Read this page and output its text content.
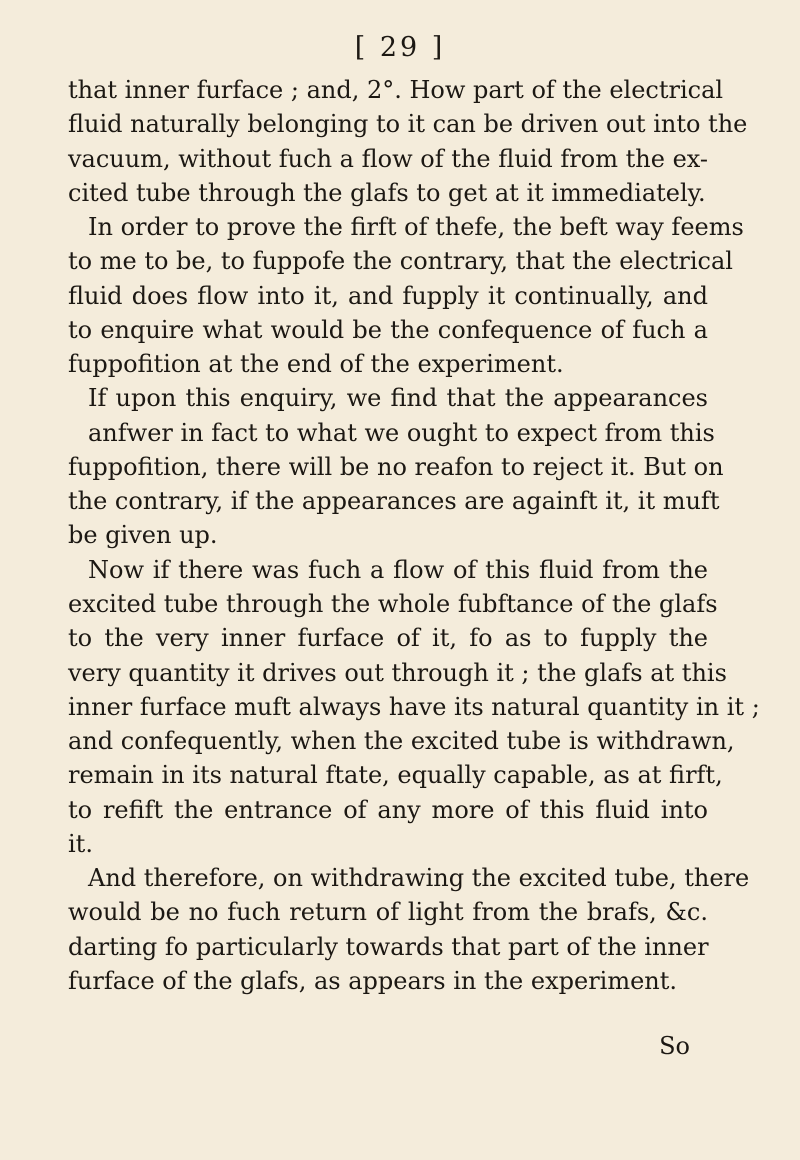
[ 29 ]
that inner furface ; and, 2°. How part of the electrical
fluid naturally belonging to it can be driven out into the
vacuum, without fuch a flow of the fluid from the ex-
cited tube through the glafs to get at it immediately.
In order to prove the firft of thefe, the beft way feems
to me to be, to fuppofe the contrary, that the electrical
fluid does flow into it, and fupply it continually, and
to enquire what would be the confequence of fuch a
fuppofition at the end of the experiment.
If upon this enquiry, we find that the appearances
anfwer in fact to what we ought to expect from this
fuppofition, there will be no reafon to reject it. But on
the contrary, if the appearances are againft it, it muft
be given up.
Now if there was fuch a flow of this fluid from the
excited tube through the whole fubftance of the glafs
to the very inner furface of it, fo as to fupply the
very quantity it drives out through it ; the glafs at this
inner furface muft always have its natural quantity in it ;
and confequently, when the excited tube is withdrawn,
remain in its natural ftate, equally capable, as at firft,
to refift the entrance of any more of this fluid into
it.
And therefore, on withdrawing the excited tube, there
would be no fuch return of light from the brafs, &c.
darting fo particularly towards that part of the inner
furface of the glafs, as appears in the experiment.
So
